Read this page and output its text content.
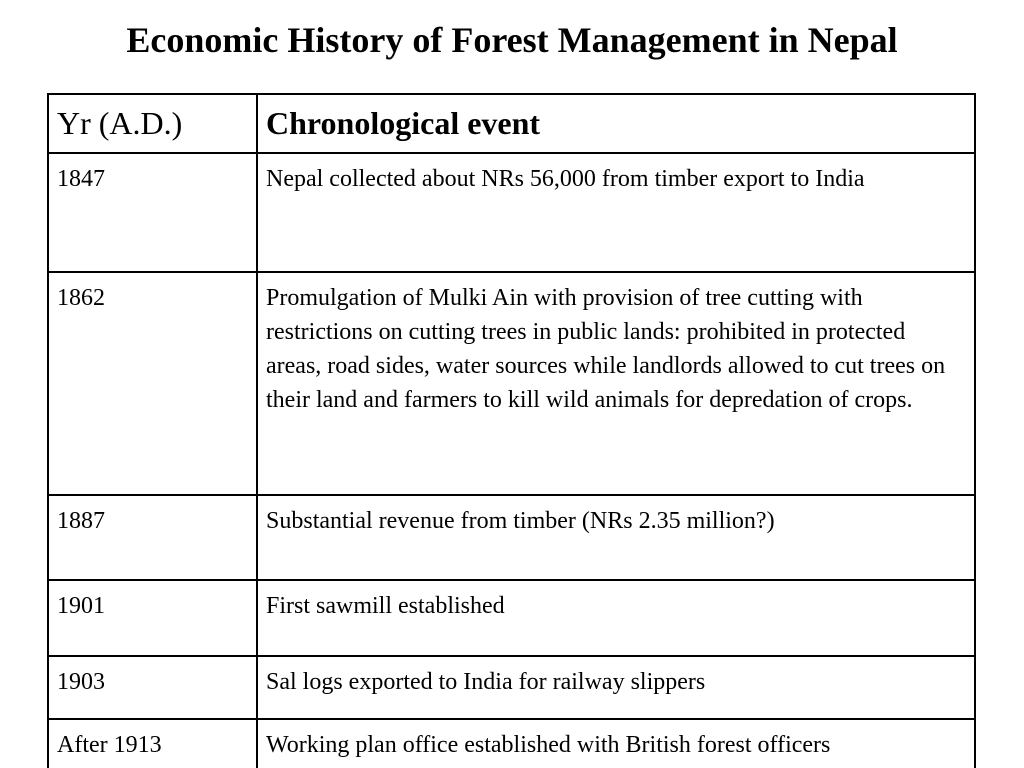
Economic History of Forest Management in Nepal
Yr (A.D.)	Chronological event
1847	Nepal collected about NRs 56,000 from timber export to India
1862	Promulgation of Mulki Ain with provision of tree cutting with restrictions on cutting trees in public lands: prohibited in protected areas, road sides, water sources while landlords allowed to cut trees on their land and farmers to kill wild animals for depredation of crops.
1887	Substantial revenue from timber (NRs 2.35 million?)
1901	First sawmill established
1903	Sal logs exported to India for railway slippers
After 1913	Working plan office established with British forest officers
